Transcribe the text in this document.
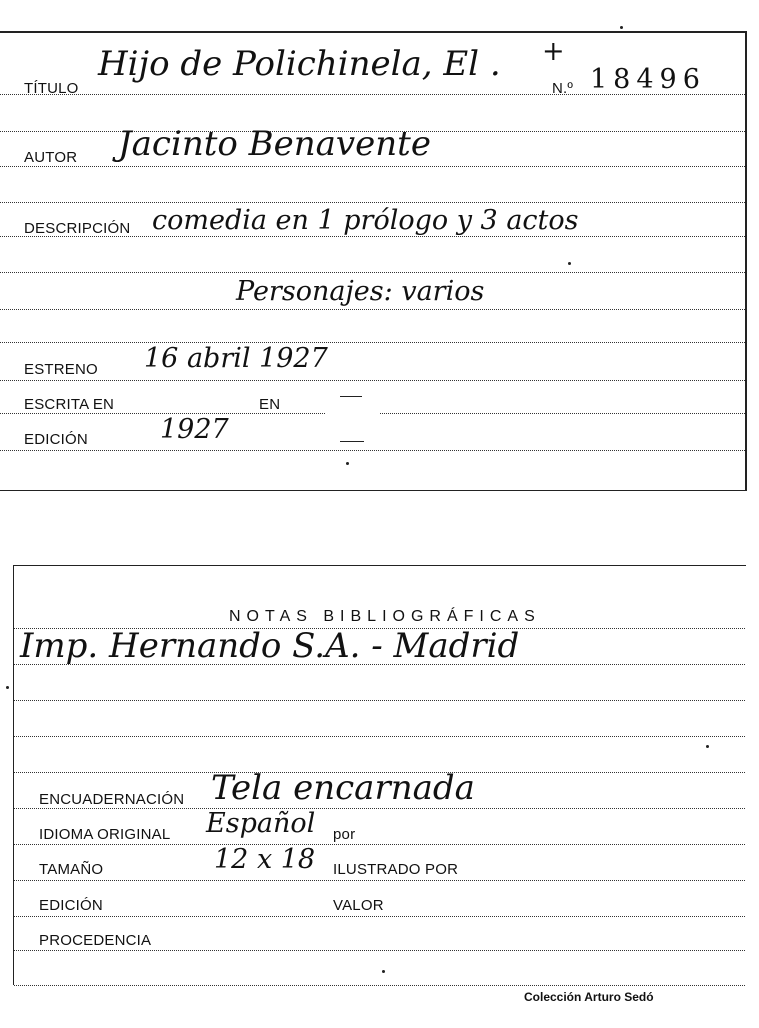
TÍTULO
Hijo de Polichinela, El .
N.º 18496
+
AUTOR Jacinto Benavente
DESCRIPCIÓN comedia en 1 prólogo y 3 actos
Personajes: varios
ESTRENO 16 abril 1927
ESCRITA EN	EN
EDICIÓN	1927
NOTAS BIBLIOGRÁFICAS
Imp. Hernando S.A. - Madrid
ENCUADERNACIÓN Tela encarnada
IDIOMA ORIGINAL Español por
TAMAÑO	12 x 18 ILUSTRADO POR
EDICIÓN	VALOR
PROCEDENCIA
Colección Arturo Sedó
